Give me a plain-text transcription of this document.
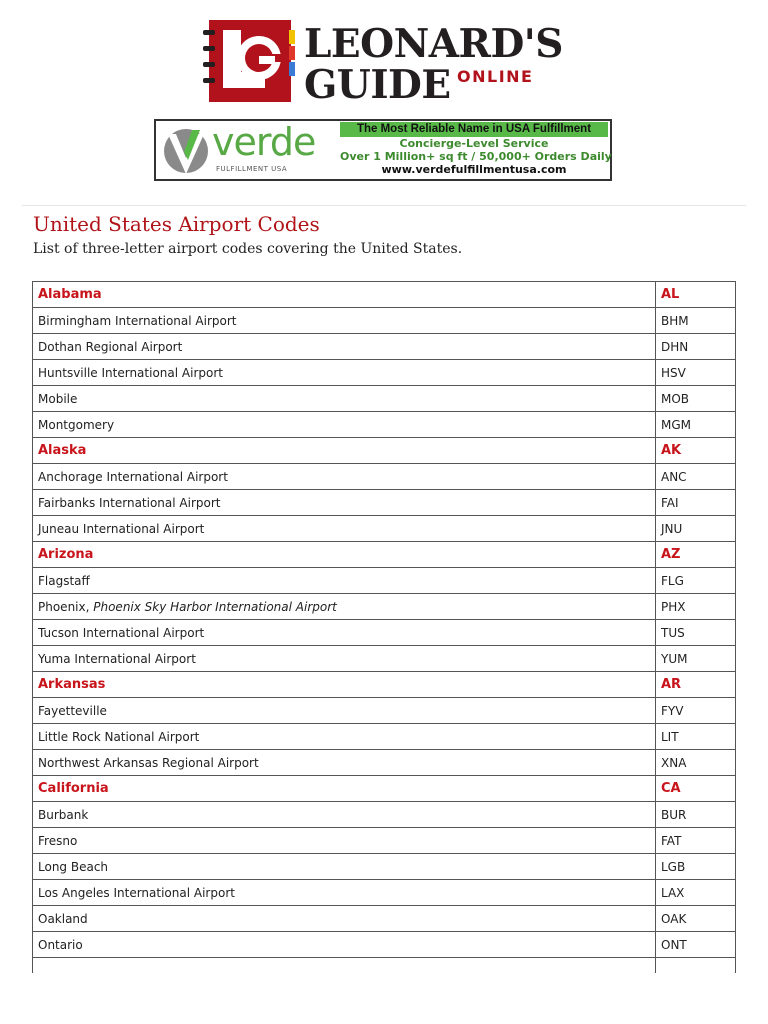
LEONARD'S
GUIDE ONLINE
verde
FULFILLMENT USA
The Most Reliable Name in USA Fulfillment
Concierge-Level Service
Over 1 Million+ sq ft / 50,000+ Orders Daily
www.verdefulfillmentusa.com
United States Airport Codes

List of three-letter airport codes covering the United States.

Alabama	AL
Birmingham International Airport	BHM
Dothan Regional Airport	DHN
Huntsville International Airport	HSV
Mobile	MOB
Montgomery	MGM
Alaska	AK
Anchorage International Airport	ANC
Fairbanks International Airport	FAI
Juneau International Airport	JNU
Arizona	AZ
Flagstaff	FLG
Phoenix, Phoenix Sky Harbor International Airport	PHX
Tucson International Airport	TUS
Yuma International Airport	YUM
Arkansas	AR
Fayetteville	FYV
Little Rock National Airport	LIT
Northwest Arkansas Regional Airport	XNA
California	CA
Burbank	BUR
Fresno	FAT
Long Beach	LGB
Los Angeles International Airport	LAX
Oakland	OAK
Ontario	ONT
